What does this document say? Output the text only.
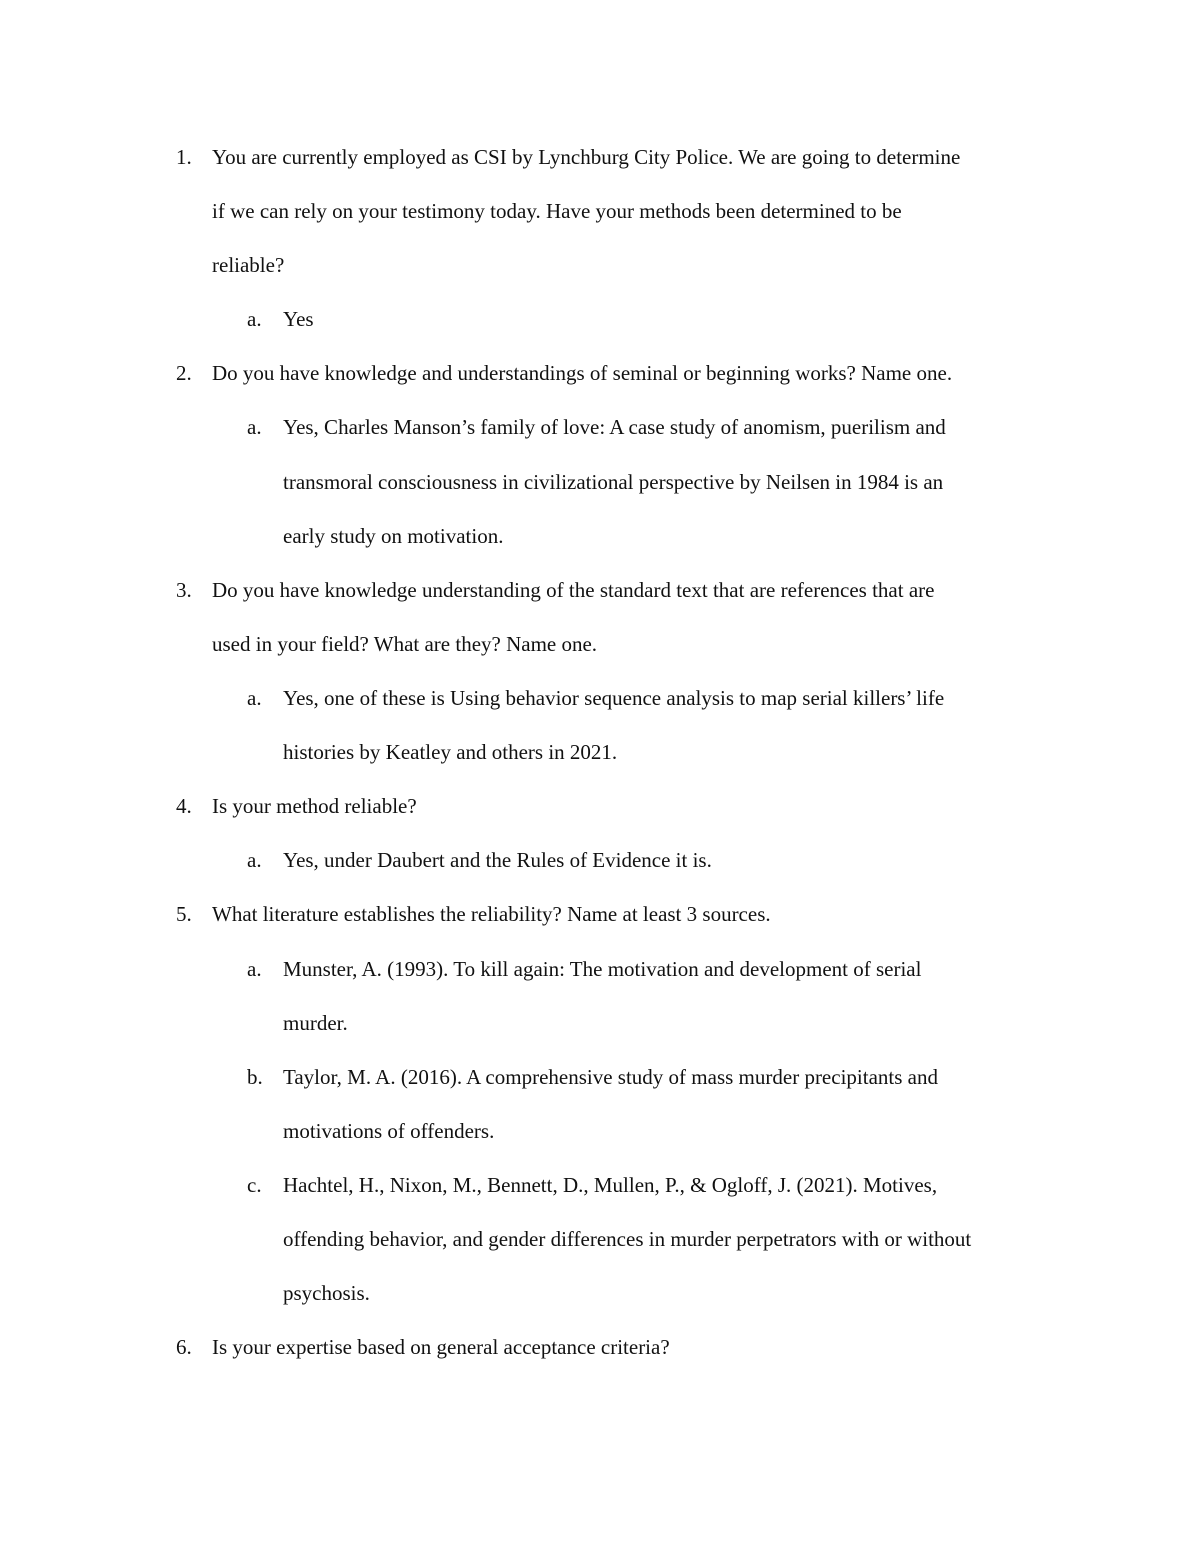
1. You are currently employed as CSI by Lynchburg City Police. We are going to determine
if we can rely on your testimony today. Have your methods been determined to be
reliable?
a. Yes
2. Do you have knowledge and understandings of seminal or beginning works? Name one.
a. Yes, Charles Manson’s family of love: A case study of anomism, puerilism and
transmoral consciousness in civilizational perspective by Neilsen in 1984 is an
early study on motivation.
3. Do you have knowledge understanding of the standard text that are references that are
used in your field? What are they? Name one.
a. Yes, one of these is Using behavior sequence analysis to map serial killers’ life
histories by Keatley and others in 2021.
4. Is your method reliable?
a. Yes, under Daubert and the Rules of Evidence it is.
5. What literature establishes the reliability? Name at least 3 sources.
a. Munster, A. (1993). To kill again: The motivation and development of serial
murder.
b. Taylor, M. A. (2016). A comprehensive study of mass murder precipitants and
motivations of offenders.
c. Hachtel, H., Nixon, M., Bennett, D., Mullen, P., & Ogloff, J. (2021). Motives,
offending behavior, and gender differences in murder perpetrators with or without
psychosis.
6. Is your expertise based on general acceptance criteria?
